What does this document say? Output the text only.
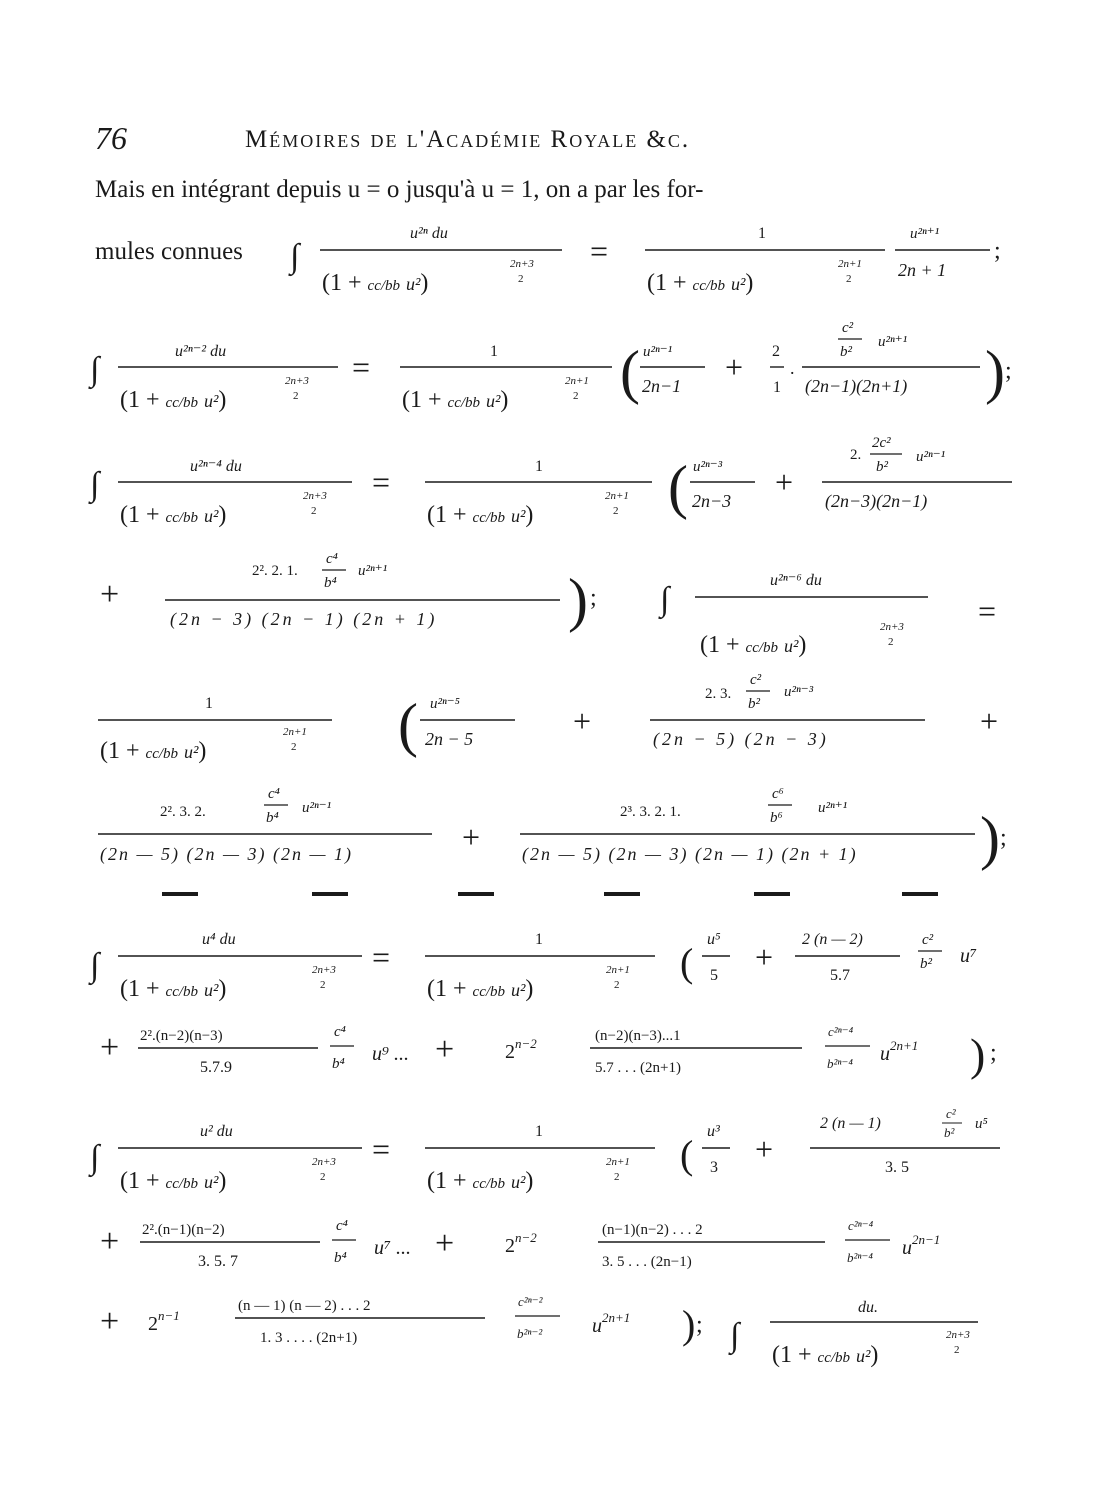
76	Mémoires de l'Académie Royale &c.
Mais en intégrant depuis u = o jusqu'à u = 1, on a par les for-
mules connues ∫
u²ⁿ du
(1 + cc/bb u²)
2n+3
2
=	1
(1 + cc/bb u²)
2n+1
2
u²ⁿ⁺¹
2n + 1
;
∫	u²ⁿ⁻² du
(1 + cc/bb u²)
2n+3
2
=	1
(1 + cc/bb u²)
2n+1
2 ( u²ⁿ⁻¹
2n−1
+ 2
1
.
c²
b²
u²ⁿ⁺¹
(2n−1)(2n+1) ) ;
∫	u²ⁿ⁻⁴ du
(1 + cc/bb u²)
2n+3
2
=	1
(1 + cc/bb u²)
2n+1
2 ( u²ⁿ⁻³
2n−3
+
2.
2c²
b²
u²ⁿ⁻¹
(2n−3)(2n−1)
+
2². 2. 1.
c⁴
b⁴
u²ⁿ⁺¹
(2n − 3) (2n − 1) (2n + 1) ) ; ∫
u²ⁿ⁻⁶ du
(1 + cc/bb u²)
2n+3
2
=
1
(1 + cc/bb u²)
2n+1
2 ( u²ⁿ⁻⁵
2n − 5	+
2. 3.
c²
b²
u²ⁿ⁻³
(2n − 5) (2n − 3)	+
2². 3. 2.
c⁴
b⁴
u²ⁿ⁻¹
(2n — 5) (2n — 3) (2n — 1)	+
2³. 3. 2. 1.
c⁶
b⁶
u²ⁿ⁺¹
(2n — 5) (2n — 3) (2n — 1) (2n + 1) ) ;
∫
u⁴ du
(1 + cc/bb u²)
2n+3
2
=	1
(1 + cc/bb u²)
2n+1
2 (
u⁵
5
+ 2 (n — 2)
5.7
c²
b² u⁷
+ 2².(n−2)(n−3)
5.7.9
c⁴
b⁴ u⁹ ... +	$2^{n-2}$	(n−2)(n−3)...1
5.7 . . . (2n+1)
c²ⁿ⁻⁴
b²ⁿ⁻⁴ $u^{2n+1}$ ) ;
∫
u² du
(1 + cc/bb u²)
2n+3
2
=	1
(1 + cc/bb u²)
2n+1
2 (
u³
3
+
2 (n — 1)
c²
b²
u⁵
3. 5
+ 2².(n−1)(n−2)
3. 5. 7
c⁴
b⁴ u⁷ ... +	$2^{n-2}$	(n−1)(n−2) . . . 2
3. 5 . . . (2n−1)
c²ⁿ⁻⁴
b²ⁿ⁻⁴ $u^{2n-1}$
+ $2^{n-1}$
(n — 1) (n — 2) . . . 2
1. 3 . . . . (2n+1)
c²ⁿ⁻²
b²ⁿ⁻² $u^{2n+1}$ ) ; ∫
du.
(1 + cc/bb u²)
2n+3
2
